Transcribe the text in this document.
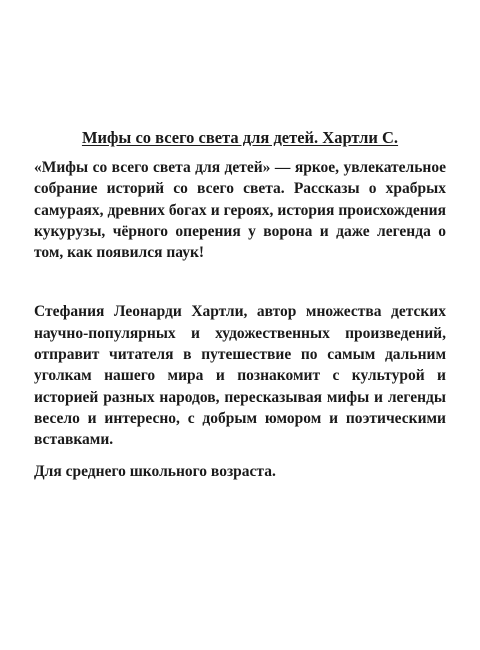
Мифы со всего света для детей. Хартли С.

«Мифы со всего света для детей» — яркое, увлекательное собрание историй со всего света. Рассказы о храбрых самураях, древних богах и героях, история происхождения кукурузы, чёрного оперения у ворона и даже легенда о том, как появился паук!

Стефания Леонарди Хартли, автор множества детских научно-популярных и художественных произведений, отправит читателя в путешествие по самым дальним уголкам нашего мира и познакомит с культурой и историей разных народов, пересказывая мифы и легенды весело и интересно, с добрым юмором и поэтическими вставками.

Для среднего школьного возраста.
